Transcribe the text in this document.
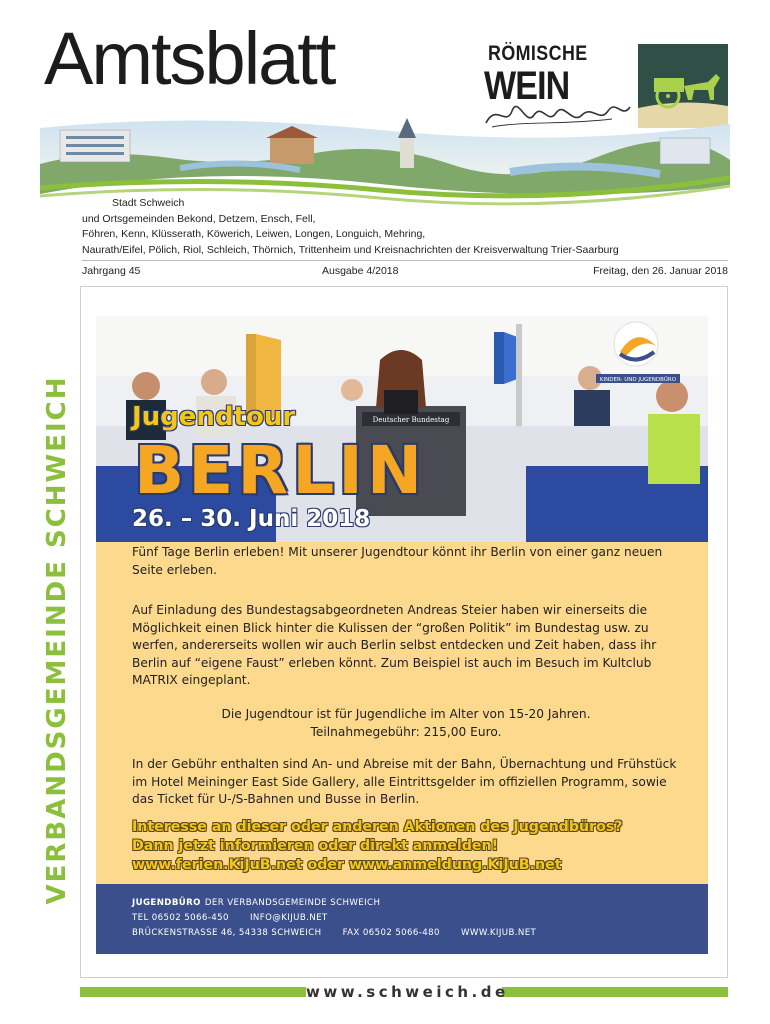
Amtsblatt	RÖMISCHE
WEIN
Stadt Schweich
und Ortsgemeinden Bekond, Detzem, Ensch, Fell,
Föhren, Kenn, Klüsserath, Köwerich, Leiwen, Longen, Longuich, Mehring,
Naurath/Eifel, Pölich, Riol, Schleich, Thörnich, Trittenheim und Kreisnachrichten der Kreisverwaltung Trier-Saarburg
Jahrgang 45	Ausgabe 4/2018	Freitag, den 26. Januar 2018
VERBANDSGEMEINDE SCHWEICH	KINDER- UND JUGENDBÜRO
Deutscher Bundestag
Jugendtour
BERLIN
26. – 30. Juni 2018
Fünf Tage Berlin erleben! Mit unserer Jugendtour könnt ihr Berlin von einer ganz neuen Seite erleben.
Auf Einladung des Bundestagsabgeordneten Andreas Steier haben wir einerseits die Möglichkeit einen Blick hinter die Kulissen der “großen Politik” im Bundestag usw. zu werfen, andererseits wollen wir auch Berlin selbst entdecken und Zeit haben, dass ihr Berlin auf “eigene Faust” erleben könnt. Zum Beispiel ist auch im Besuch im Kultclub MATRIX eingeplant.
Die Jugendtour ist für Jugendliche im Alter von 15-20 Jahren.
Teilnahmegebühr: 215,00 Euro.
In der Gebühr enthalten sind An- und Abreise mit der Bahn, Übernachtung und Frühstück im Hotel Meininger East Side Gallery, alle Eintrittsgelder im offiziellen Programm, sowie das Ticket für U-/S-Bahnen und Busse in Berlin.
Interesse an dieser oder anderen Aktionen des Jugendbüros?
Dann jetzt informieren oder direkt anmelden!
www.ferien.KiJuB.net oder www.anmeldung.KiJuB.net
JUGENDBÜRO DER VERBANDSGEMEINDE SCHWEICH
TEL 06502 5066-450 INFO@KIJUB.NET
BRÜCKENSTRASSE 46, 54338 SCHWEICH FAX 06502 5066-480 WWW.KIJUB.NET
www.schweich.de
